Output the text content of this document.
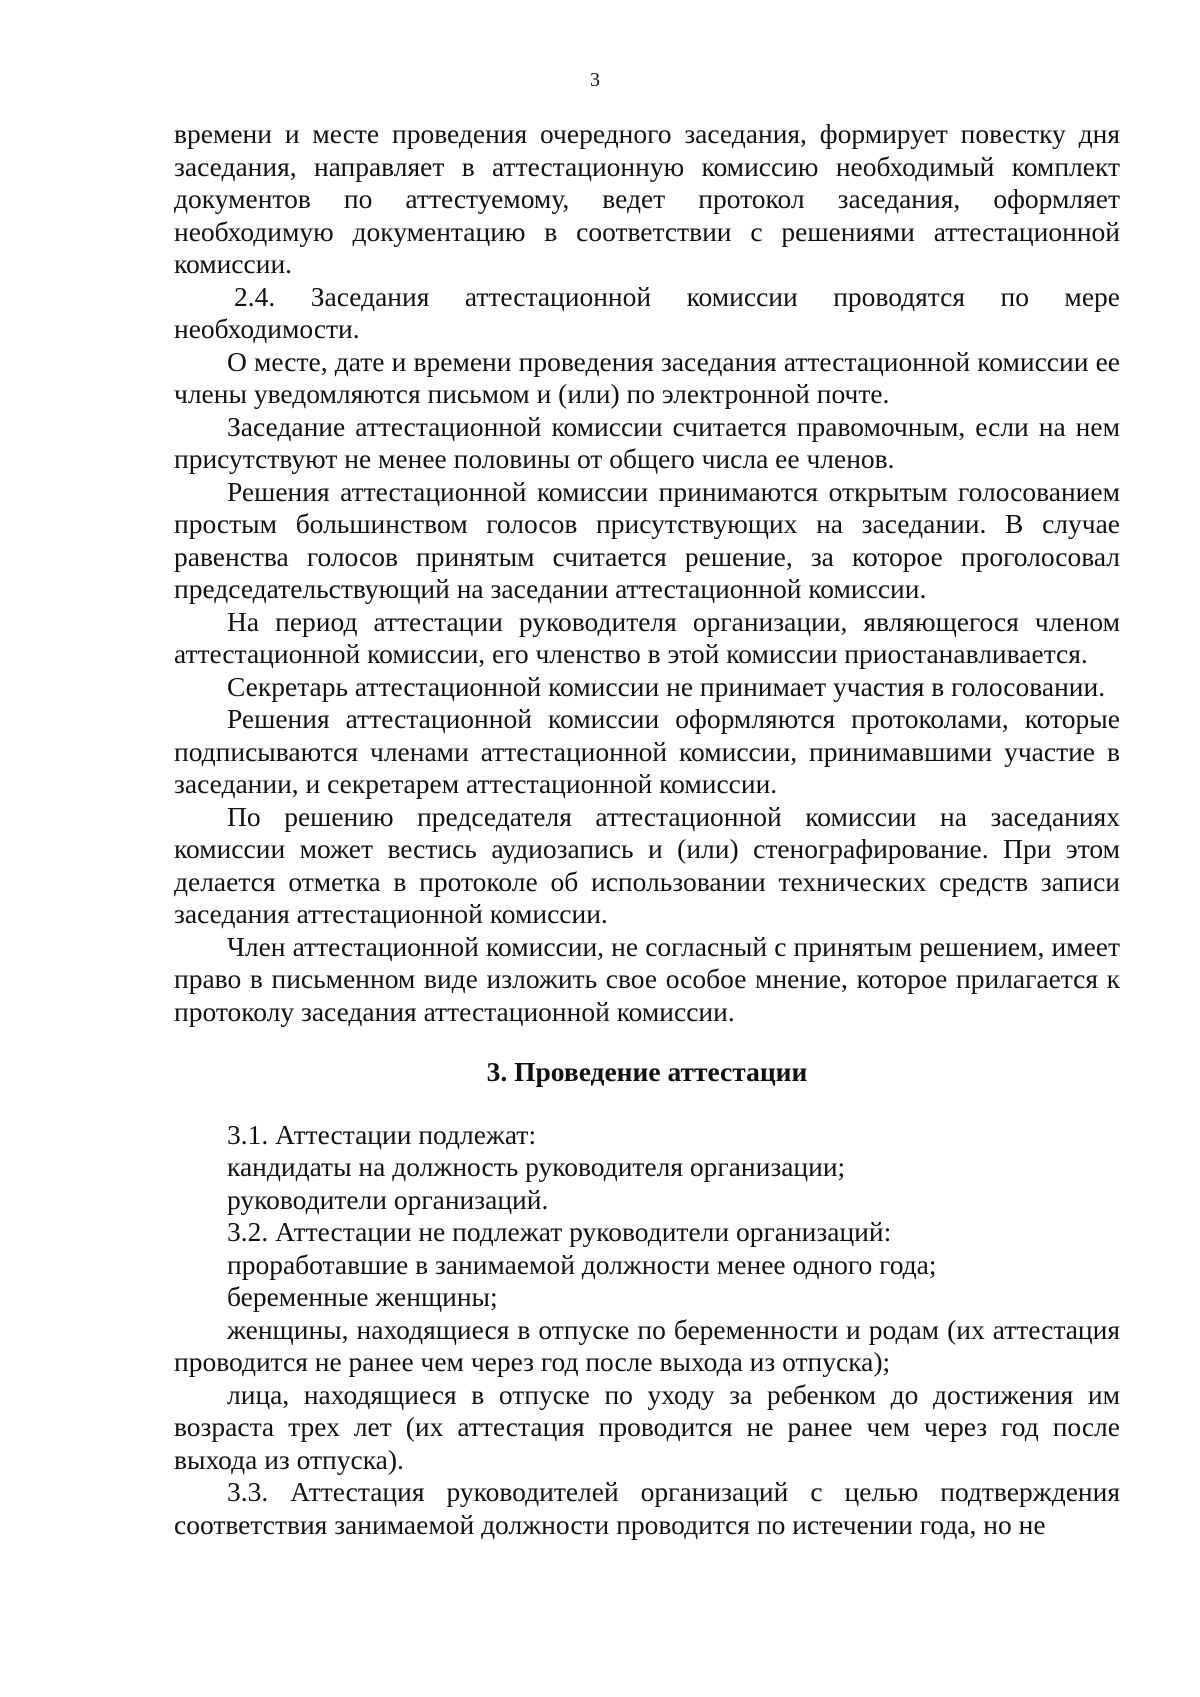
3

времени и месте проведения очередного заседания, формирует повестку дня заседания, направляет в аттестационную комиссию необходимый комплект документов по аттестуемому, ведет протокол заседания, оформляет необходимую документацию в соответствии с решениями аттестационной комиссии.

2.4. Заседания аттестационной комиссии проводятся по мере необходимости.

О месте, дате и времени проведения заседания аттестационной комиссии ее члены уведомляются письмом и (или) по электронной почте.

Заседание аттестационной комиссии считается правомочным, если на нем присутствуют не менее половины от общего числа ее членов.

Решения аттестационной комиссии принимаются открытым голосованием простым большинством голосов присутствующих на заседании. В случае равенства голосов принятым считается решение, за которое проголосовал председательствующий на заседании аттестационной комиссии.

На период аттестации руководителя организации, являющегося членом аттестационной комиссии, его членство в этой комиссии приостанавливается.

Секретарь аттестационной комиссии не принимает участия в голосовании.

Решения аттестационной комиссии оформляются протоколами, которые подписываются членами аттестационной комиссии, принимавшими участие в заседании, и секретарем аттестационной комиссии.

По решению председателя аттестационной комиссии на заседаниях комиссии может вестись аудиозапись и (или) стенографирование. При этом делается отметка в протоколе об использовании технических средств записи заседания аттестационной комиссии.

Член аттестационной комиссии, не согласный с принятым решением, имеет право в письменном виде изложить свое особое мнение, которое прилагается к протоколу заседания аттестационной комиссии.

3. Проведение аттестации

3.1. Аттестации подлежат:

кандидаты на должность руководителя организации;

руководители организаций.

3.2. Аттестации не подлежат руководители организаций:

проработавшие в занимаемой должности менее одного года;

беременные женщины;

женщины, находящиеся в отпуске по беременности и родам (их аттестация проводится не ранее чем через год после выхода из отпуска);

лица, находящиеся в отпуске по уходу за ребенком до достижения им возраста трех лет (их аттестация проводится не ранее чем через год после выхода из отпуска).

3.3. Аттестация руководителей организаций с целью подтверждения соответствия занимаемой должности проводится по истечении года, но не
